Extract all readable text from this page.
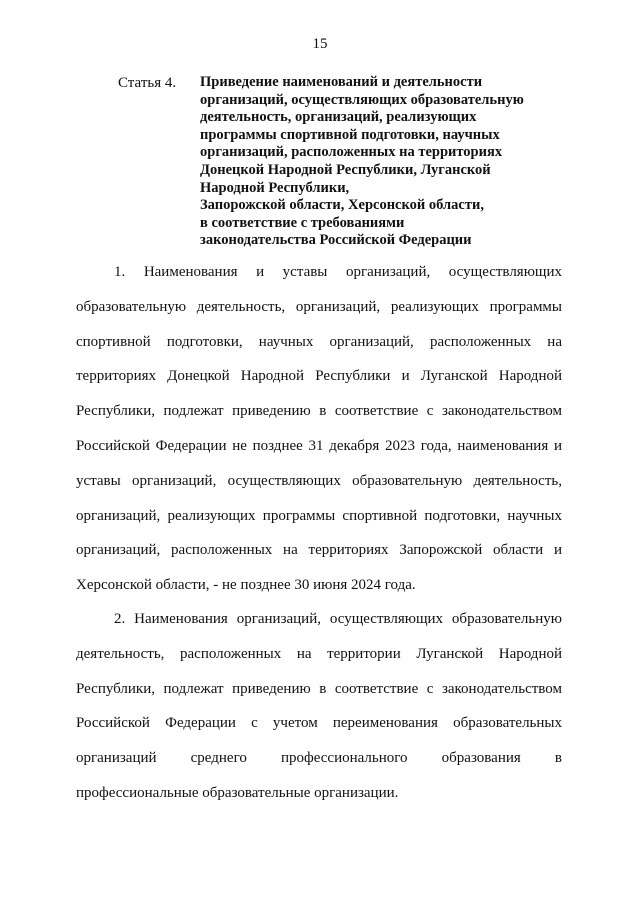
15
Статья 4.	Приведение наименований и деятельности
организаций, осуществляющих образовательную
деятельность, организаций, реализующих
программы спортивной подготовки, научных
организаций, расположенных на территориях
Донецкой Народной Республики, Луганской
Народной Республики,
Запорожской области, Херсонской области,
в соответствие с требованиями
законодательства Российской Федерации
1. Наименования и уставы организаций, осуществляющих
образовательную деятельность, организаций, реализующих программы
спортивной подготовки, научных организаций, расположенных на
территориях Донецкой Народной Республики и Луганской Народной
Республики, подлежат приведению в соответствие с законодательством
Российской Федерации не позднее 31 декабря 2023 года, наименования и
уставы организаций, осуществляющих образовательную деятельность,
организаций, реализующих программы спортивной подготовки, научных
организаций, расположенных на территориях Запорожской области и
Херсонской области, - не позднее 30 июня 2024 года.
2. Наименования организаций, осуществляющих образовательную
деятельность, расположенных на территории Луганской Народной
Республики, подлежат приведению в соответствие с законодательством
Российской Федерации с учетом переименования образовательных
организаций среднего профессионального образования в
профессиональные образовательные организации.
